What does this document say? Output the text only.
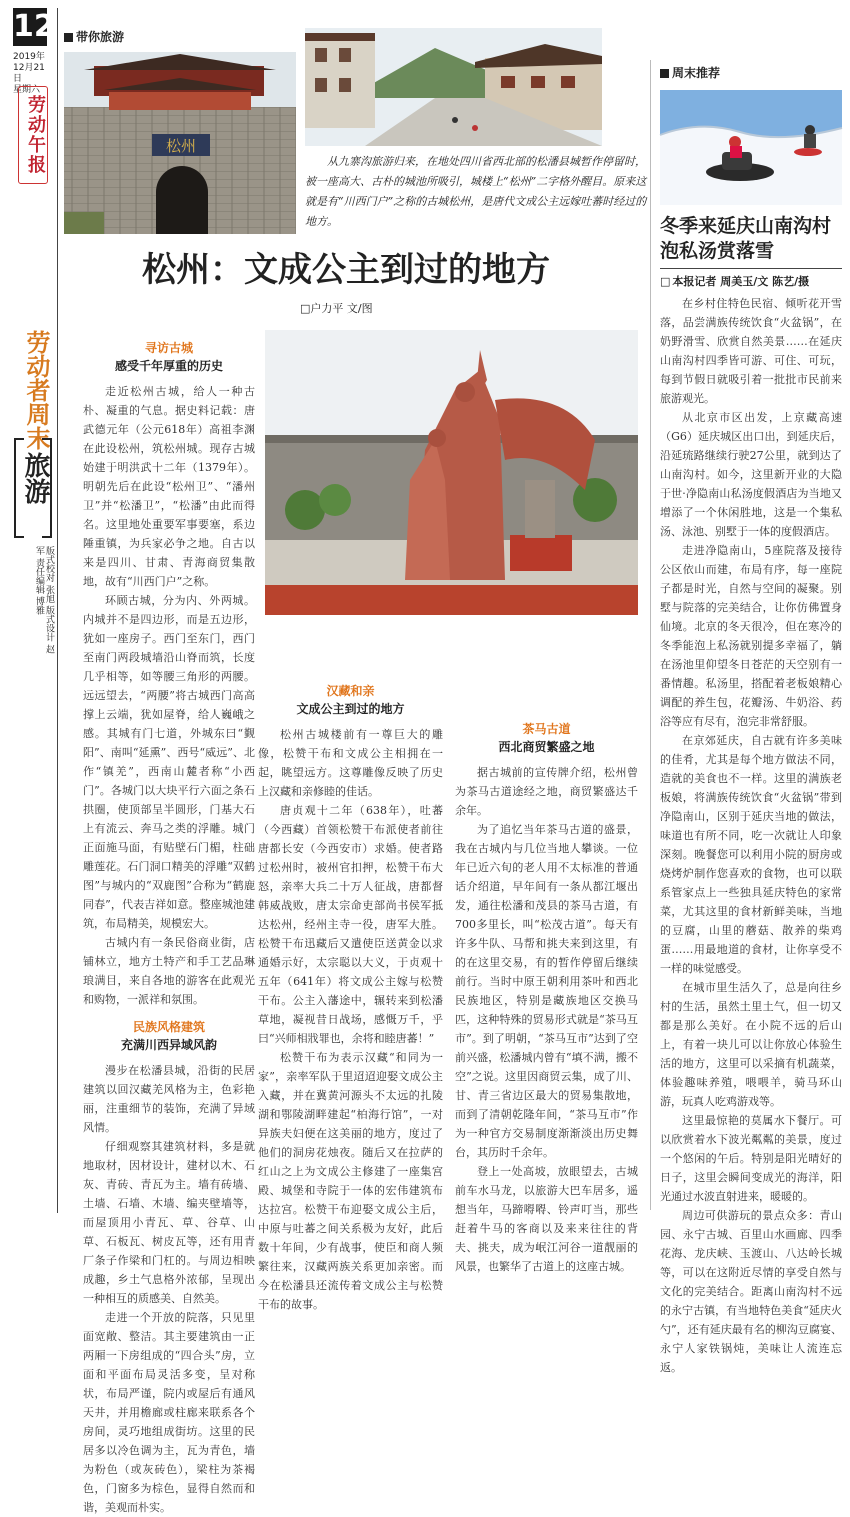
12
2019年
12月21日
星期六
劳动午报
劳动者周末
旅游
版式校对 张旭 版式设计 赵军 责任编辑 博雅
带你旅游
周末推荐
松州
从九寨沟旅游归来，在地处四川省西北部的松潘县城暂作停留时，被一座高大、古朴的城池所吸引，城楼上“松州”二字格外醒目。原来这就是有“川西门户”之称的古城松州，是唐代文成公主远嫁吐蕃时经过的地方。
松州：文成公主到过的地方
□户力平 文/图
寻访古城
感受千年厚重的历史

走近松州古城，给人一种古朴、凝重的气息。据史料记载：唐武德元年（公元618年）高祖李渊在此设松州，筑松州城。现存古城始建于明洪武十二年（1379年）。明朝先后在此设“松州卫”、“潘州卫”并“松潘卫”，“松潘”由此而得名。这里地处重要军事要塞，系边陲重镇，为兵家必争之地。自古以来是四川、甘肃、青海商贸集散地，故有“川西门户”之称。

环顾古城，分为内、外两城。内城并不是四边形，而是五边形，犹如一座房子。西门至东门，西门至南门两段城墙沿山脊而筑，长度几乎相等，如等腰三角形的两腰。远远望去，“两腰”将古城西门高高撑上云端，犹如屋脊，给人巍峨之感。其城有门七道，外城东曰“觐阳”、南叫“延熏”、西号“威远”、北作“镇羌”，西南山麓者称“小西门”。各城门以大块平行六面之条石拱圈，使顶部呈半圆形，门基大石上有流云、奔马之类的浮雕。城门正面施马面，有贴壁石门楣，柱础雕莲花。石门洞口精美的浮雕“双鹤图”与城内的“双鹿图”合称为“鹤鹿同春”，代表吉祥如意。整座城池建筑，布局精美，规模宏大。

古城内有一条民俗商业街，店铺林立，地方土特产和手工艺品琳琅满目，来自各地的游客在此观光和购物，一派祥和氛围。

民族风格建筑
充满川西异域风韵

漫步在松潘县城，沿街的民居建筑以回汉藏羌风格为主，色彩艳丽，注重细节的装饰，充满了异域风情。

仔细观察其建筑材料，多是就地取材，因材设计，建材以木、石灰、青砖、青瓦为主。墙有砖墙、土墙、石墙、木墙、编夹壁墙等，而屋顶用小青瓦、草、谷草、山草、石板瓦、树皮瓦等，还有用青厂条子作梁和门杠的。与周边相映成趣，乡土气息格外浓郁，呈现出一种相互的质感美、自然美。

走进一个开放的院落，只见里面宽敞、整洁。其主要建筑由一正两厢一下房组成的“四合头”房，立面和平面布局灵活多变，呈对称状，布局严谨，院内或屋后有通风天井，并用檐廊或柱廊来联系各个房间，灵巧地组成街坊。这里的民居多以冷色调为主，瓦为青色，墙为粉色（或灰砖色），梁柱为茶褐色，门窗多为棕色，显得自然而和谐，美观而朴实。

汉藏和亲
文成公主到过的地方

松州古城楼前有一尊巨大的雕像，松赞干布和文成公主相拥在一起，眺望远方。这尊雕像反映了历史上汉藏和亲修睦的佳话。

唐贞观十二年（638年），吐蕃（今西藏）首领松赞干布派使者前往唐都长安（今西安市）求婚。使者路过松州时，被州官扣押，松赞干布大怒，亲率大兵二十万人征战，唐都督韩威战败，唐太宗命吏部尚书侯军抵达松州，经州主寺一役，唐军大胜。松赞干布迅藏后又遣使臣送黄金以求通婚示好，太宗聪以大义，于贞观十五年（641年）将文成公主嫁与松赞干布。公主入藩途中，辗转来到松潘草地，凝视昔日战场，感慨万千，乎曰“兴师相戕罪也，余将和睦唐蕃！”

松赞干布为表示汉藏“和同为一家”，亲率军队于里迢迢迎娶文成公主入藏，并在冀黄河源头不太远的扎陵湖和鄂陵湖畔建起“柏海行馆”，一对异族夫妇便在这美丽的地方，度过了他们的洞房花烛夜。随后又在拉萨的红山之上为文成公主修建了一座集宫殿、城堡和寺院于一体的宏伟建筑布达拉宫。松赞干布迎娶文成公主后，中原与吐蕃之间关系极为友好，此后数十年间，少有战事，使臣和商人频繁往来，汉藏两族关系更加亲密。而今在松潘县还流传着文成公主与松赞干布的故事。

茶马古道
西北商贸繁盛之地

据古城前的宣传牌介绍，松州曾为茶马古道途经之地，商贸繁盛达千余年。

为了追忆当年茶马古道的盛景，我在古城内与几位当地人攀谈。一位年已近六旬的老人用不太标准的普通话介绍道，早年间有一条从都江堰出发，通往松潘和茂县的茶马古道，有700多里长，叫“松茂古道”。每天有许多牛队、马帮和挑夫来到这里，有的在这里交易，有的暂作停留后继续前行。当时中原王朝利用茶叶和西北民族地区，特别是藏族地区交换马匹，这种特殊的贸易形式就是“茶马互市”。到了明朝，“茶马互市”达到了空前兴盛，松潘城内曾有“填不满，搬不空”之说。这里因商贸云集，成了川、甘、青三省边区最大的贸易集散地，而到了清朝乾隆年间，“茶马互市”作为一种官方交易制度渐渐淡出历史舞台，其历时千余年。

登上一处高坡，放眼望去，古城前车水马龙，以旅游大巴车居多，遥想当年，马蹄嘚嘚、铃声叮当，那些赶着牛马的客商以及来来往往的背夫、挑夫，成为岷江河谷一道靓丽的风景，也繁华了古道上的这座古城。

冬季来延庆山南沟村泡私汤赏落雪
□ 本报记者 周美玉/文 陈艺/摄

在乡村住特色民宿、倾听花开雪落，品尝满族传统饮食“火盆锅”，在奶野滑雪、欣赏自然美景……在延庆山南沟村四季皆可游、可住、可玩，每到节假日就吸引着一批批市民前来旅游观光。

从北京市区出发，上京藏高速（G6）延庆城区出口出，到延庆后，沿延琉路继续行驶27公里，就到达了山南沟村。如今，这里新开业的大隐于世·净隐南山私汤度假酒店为当地又增添了一个休闲胜地，这是一个集私汤、泳池、别墅于一体的度假酒店。

走进净隐南山，5座院落及接待公区依山而建，布局有序，每一座院子都是时光，自然与空间的凝聚。别墅与院落的完美结合，让你仿佛置身仙境。北京的冬天很冷，但在寒冷的冬季能泡上私汤就别提多幸福了，躺在汤池里仰望冬日苍茫的天空别有一番情趣。私汤里，搭配着老板娘精心调配的养生包，花瓣汤、牛奶浴、药浴等应有尽有，泡完非常舒服。

在京郊延庆，自古就有许多美味的佳肴，尤其是每个地方做法不同，造就的美食也不一样。这里的满族老板娘，将满族传统饮食“火盆锅”带到净隐南山，区别于延庆当地的做法，味道也有所不同，吃一次就让人印象深刻。晚餐您可以利用小院的厨房或烧烤炉制作您喜欢的食物，也可以联系管家点上一些独具延庆特色的家常菜，尤其这里的食材新鲜美味，当地的豆腐，山里的蘑菇、散养的柴鸡蛋……用最地道的食材，让你享受不一样的味觉感受。

在城市里生活久了，总是向往乡村的生活，虽然土里土气，但一切又都是那么美好。在小院不远的后山上，有着一块儿可以让你放心体验生活的地方，这里可以采摘有机蔬菜，体验趣味养殖，喂喂羊，骑马环山游，玩真人吃鸡游戏等。

这里最惊艳的莫属水下餐厅。可以欣赏着水下波光粼粼的美景，度过一个悠闲的午后。特别是阳光晴好的日子，这里会瞬间变成光的海洋，阳光通过水波直射进来，暖暖的。

周边可供游玩的景点众多：青山园、永宁古城、百里山水画廊、四季花海、龙庆峡、玉渡山、八达岭长城等，可以在这附近尽情的享受自然与文化的完美结合。距离山南沟村不远的永宁古镇，有当地特色美食“延庆火勺”，还有延庆最有名的柳沟豆腐宴、永宁人家铁锅炖，美味让人流连忘返。
